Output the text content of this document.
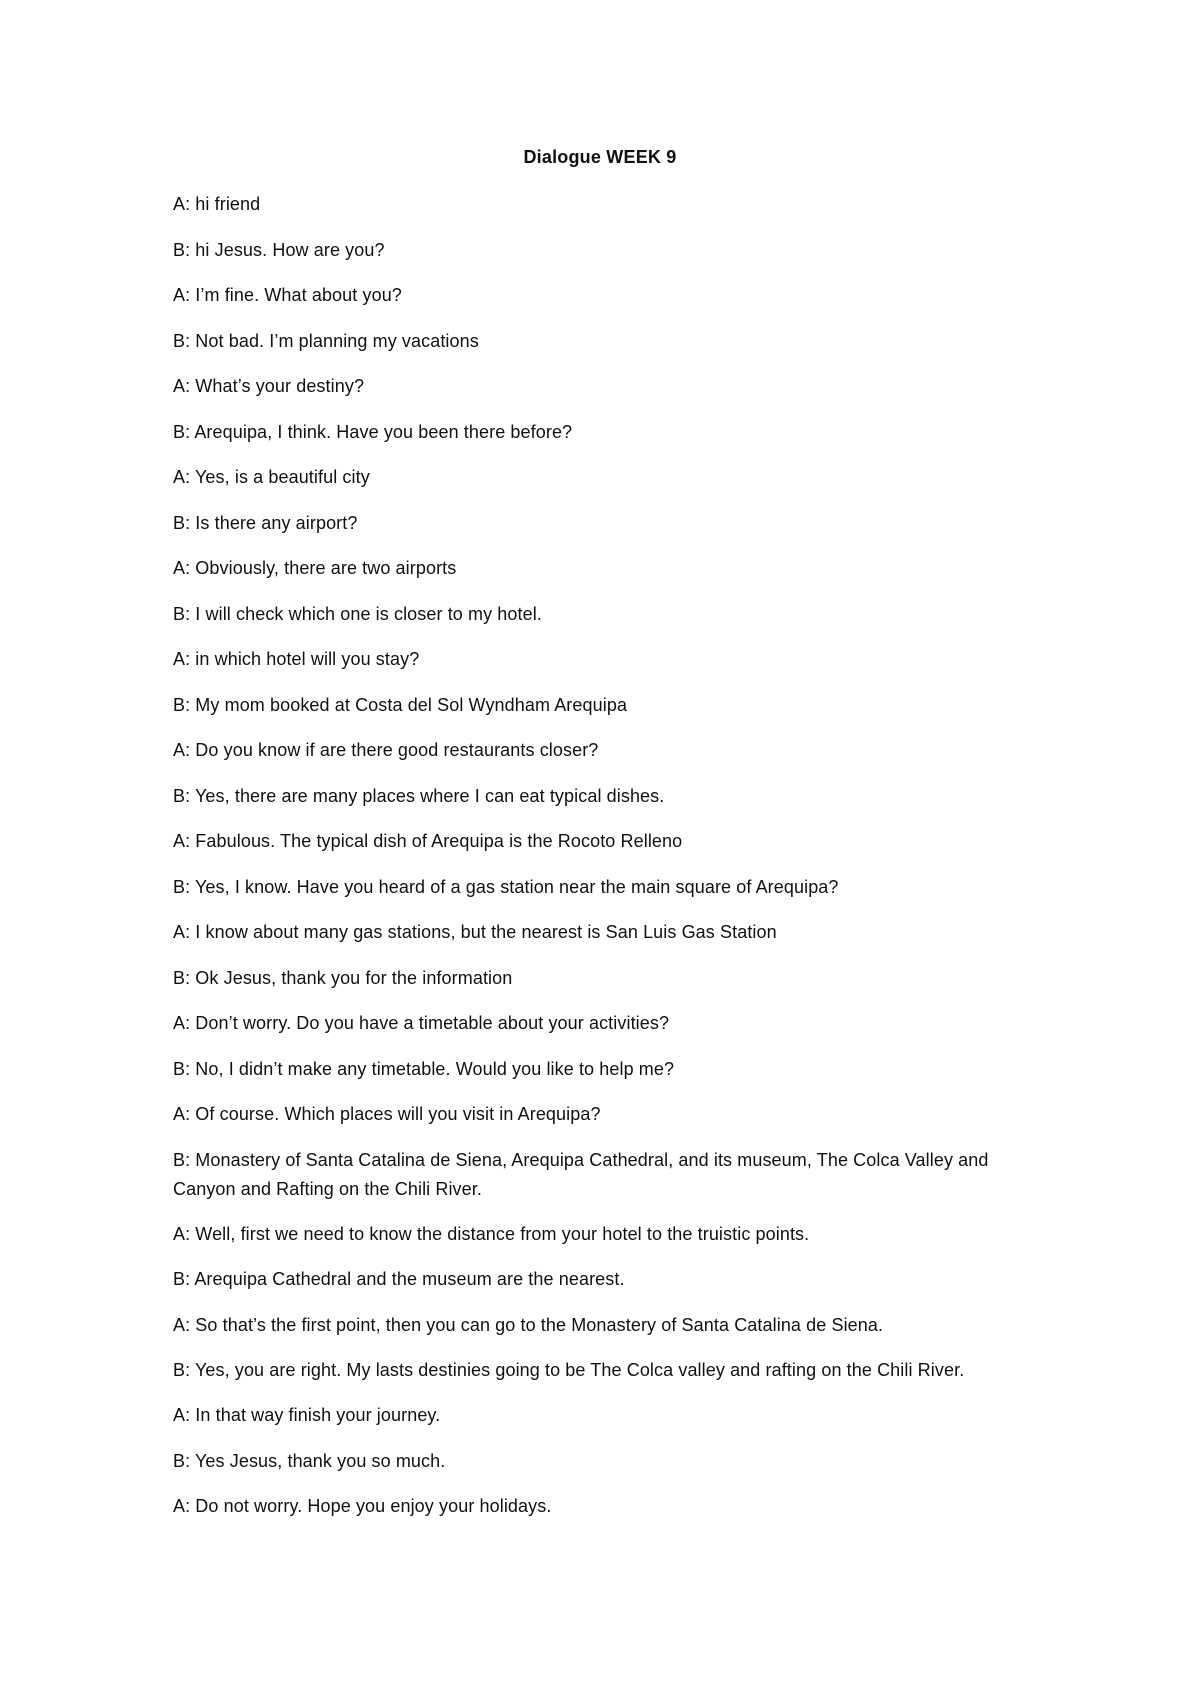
Dialogue WEEK 9

A: hi friend

B: hi Jesus. How are you?

A: I’m fine. What about you?

B: Not bad. I’m planning my vacations

A: What’s your destiny?

B: Arequipa, I think. Have you been there before?

A: Yes, is a beautiful city

B: Is there any airport?

A: Obviously, there are two airports

B: I will check which one is closer to my hotel.

A: in which hotel will you stay?

B: My mom booked at Costa del Sol Wyndham Arequipa

A: Do you know if are there good restaurants closer?

B: Yes, there are many places where I can eat typical dishes.

A: Fabulous. The typical dish of Arequipa is the Rocoto Relleno

B: Yes, I know. Have you heard of a gas station near the main square of Arequipa?

A: I know about many gas stations, but the nearest is San Luis Gas Station

B: Ok Jesus, thank you for the information

A: Don’t worry. Do you have a timetable about your activities?

B: No, I didn’t make any timetable. Would you like to help me?

A: Of course. Which places will you visit in Arequipa?

B: Monastery of Santa Catalina de Siena, Arequipa Cathedral, and its museum, The Colca Valley and Canyon and Rafting on the Chili River.

A: Well, first we need to know the distance from your hotel to the truistic points.

B: Arequipa Cathedral and the museum are the nearest.

A: So that’s the first point, then you can go to the Monastery of Santa Catalina de Siena.

B: Yes, you are right. My lasts destinies going to be The Colca valley and rafting on the Chili River.

A: In that way finish your journey.

B: Yes Jesus, thank you so much.

A: Do not worry. Hope you enjoy your holidays.
